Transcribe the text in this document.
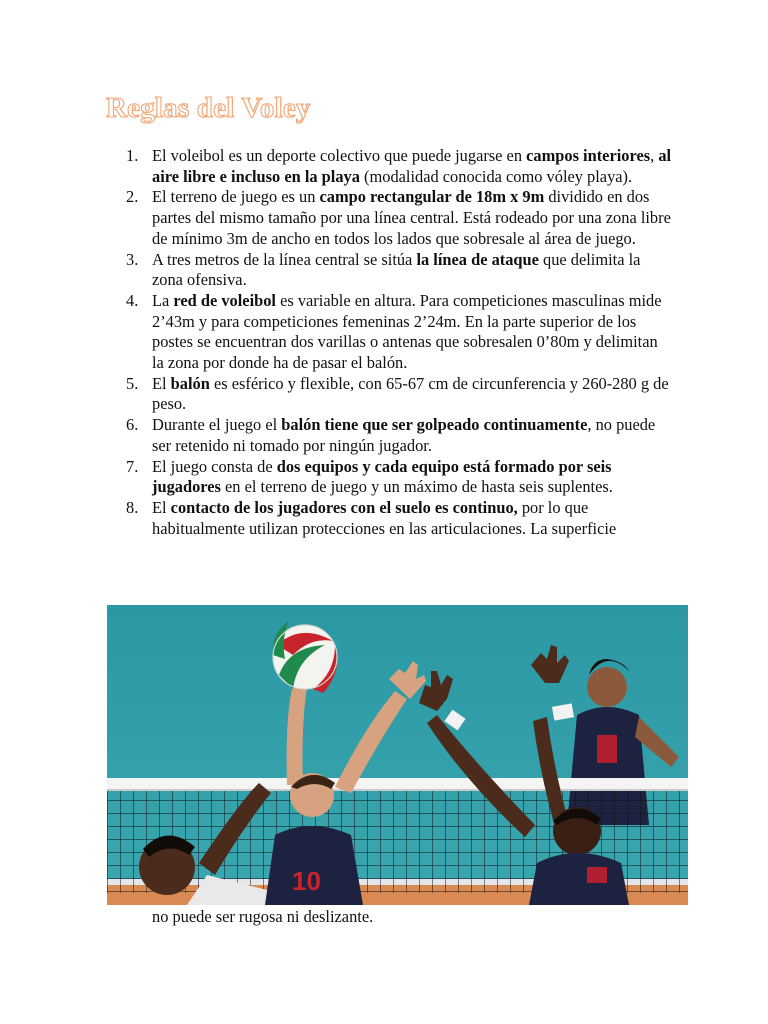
Reglas del Voley
1. El voleibol es un deporte colectivo que puede jugarse en campos interiores, al aire libre e incluso en la playa (modalidad conocida como vóley playa).
2. El terreno de juego es un campo rectangular de 18m x 9m dividido en dos partes del mismo tamaño por una línea central. Está rodeado por una zona libre de mínimo 3m de ancho en todos los lados que sobresale al área de juego.
3. A tres metros de la línea central se sitúa la línea de ataque que delimita la zona ofensiva.
4. La red de voleibol es variable en altura. Para competiciones masculinas mide 2’43m y para competiciones femeninas 2’24m. En la parte superior de los postes se encuentran dos varillas o antenas que sobresalen 0’80m y delimitan la zona por donde ha de pasar el balón.
5. El balón es esférico y flexible, con 65-67 cm de circunferencia y 260-280 g de peso.
6. Durante el juego el balón tiene que ser golpeado continuamente, no puede ser retenido ni tomado por ningún jugador.
7. El juego consta de dos equipos y cada equipo está formado por seis jugadores en el terreno de juego y un máximo de hasta seis suplentes.
8. El contacto de los jugadores con el suelo es continuo, por lo que habitualmente utilizan protecciones en las articulaciones. La superficie
10
no puede ser rugosa ni deslizante.
